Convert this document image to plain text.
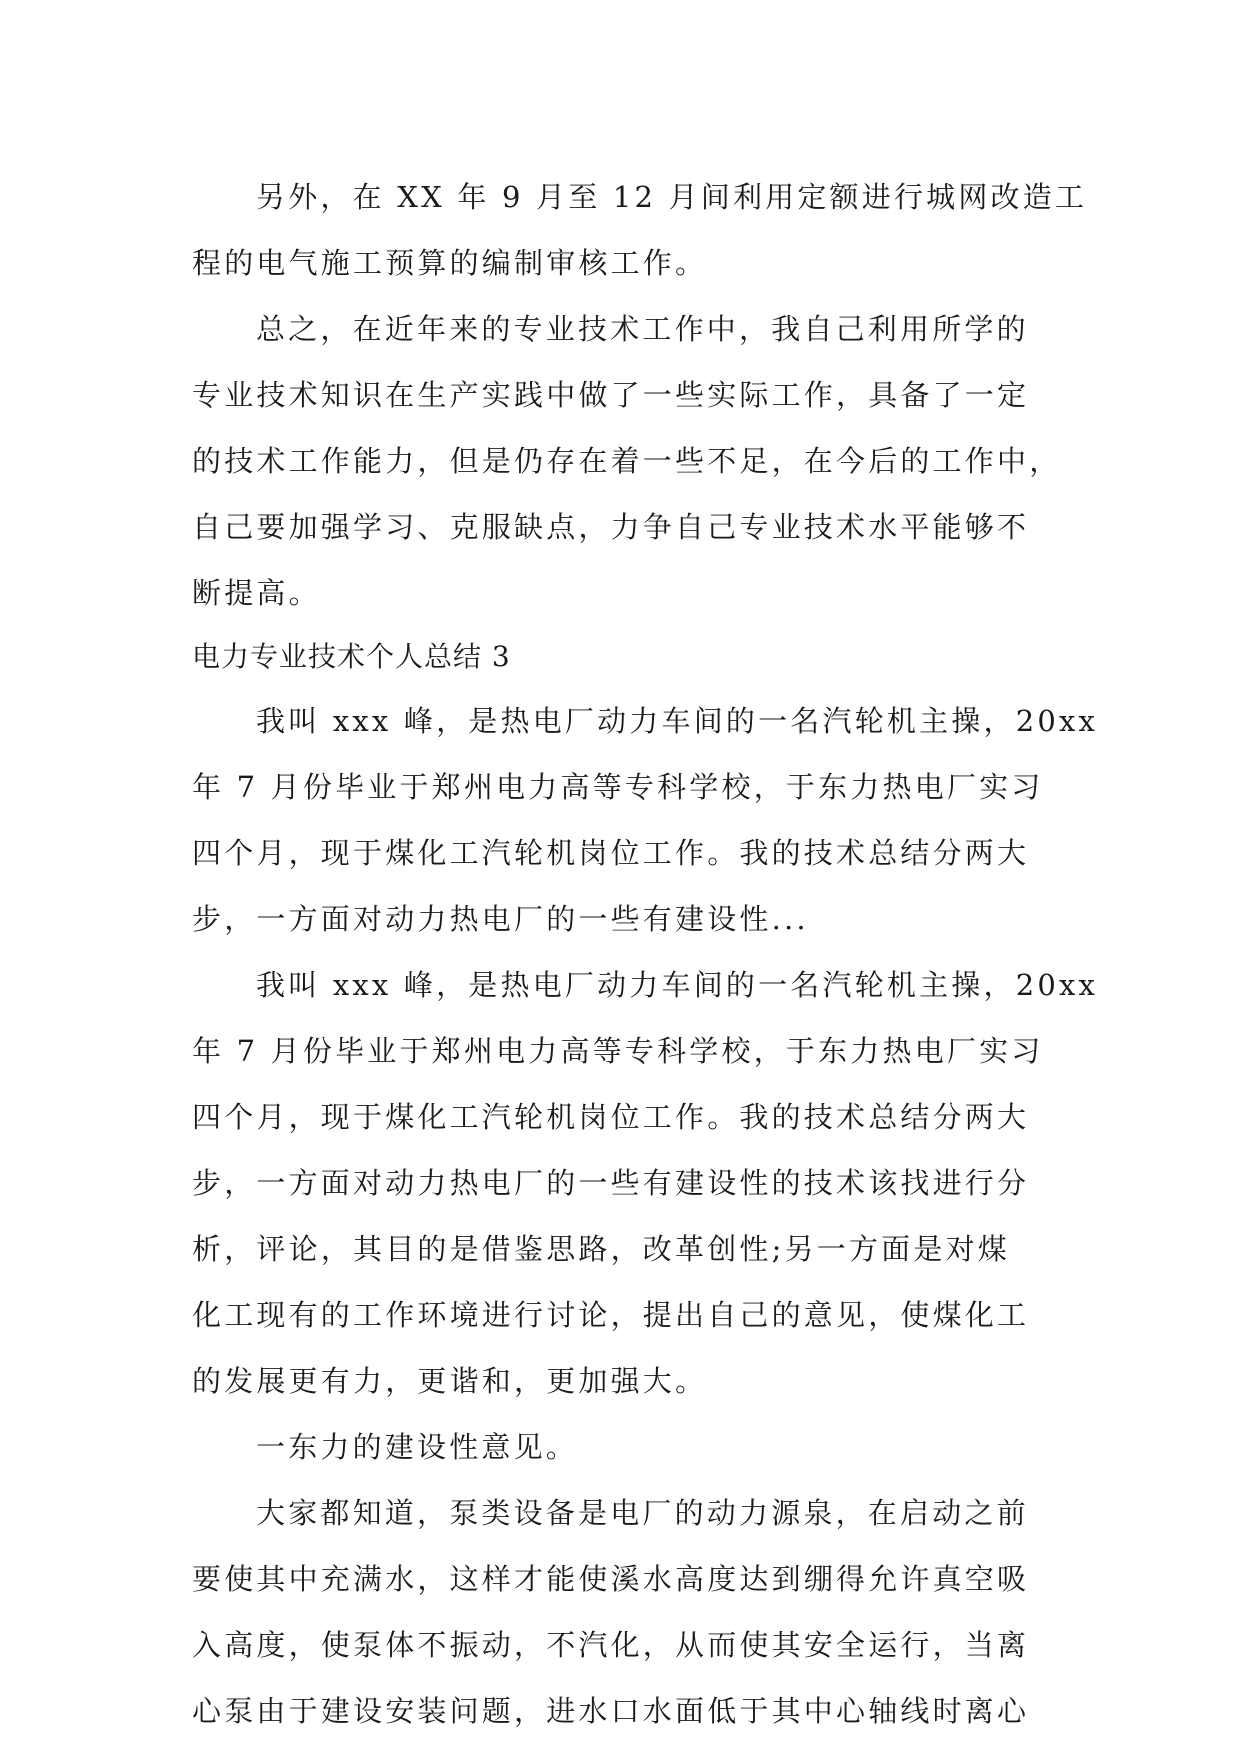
另外，在 XX 年 9 月至 12 月间利用定额进行城网改造工
程的电气施工预算的编制审核工作。
总之，在近年来的专业技术工作中，我自己利用所学的
专业技术知识在生产实践中做了一些实际工作，具备了一定
的技术工作能力，但是仍存在着一些不足，在今后的工作中，
自己要加强学习、克服缺点，力争自己专业技术水平能够不
断提高。
电力专业技术个人总结 3
我叫 xxx 峰，是热电厂动力车间的一名汽轮机主操，20xx
年 7 月份毕业于郑州电力高等专科学校，于东力热电厂实习
四个月，现于煤化工汽轮机岗位工作。我的技术总结分两大
步，一方面对动力热电厂的一些有建设性...
我叫 xxx 峰，是热电厂动力车间的一名汽轮机主操，20xx
年 7 月份毕业于郑州电力高等专科学校，于东力热电厂实习
四个月，现于煤化工汽轮机岗位工作。我的技术总结分两大
步，一方面对动力热电厂的一些有建设性的技术该找进行分
析，评论，其目的是借鉴思路，改革创性;另一方面是对煤
化工现有的工作环境进行讨论，提出自己的意见，使煤化工
的发展更有力，更谐和，更加强大。
一东力的建设性意见。
大家都知道，泵类设备是电厂的动力源泉，在启动之前
要使其中充满水，这样才能使溪水高度达到绷得允许真空吸
入高度，使泵体不振动，不汽化，从而使其安全运行，当离
心泵由于建设安装问题，进水口水面低于其中心轴线时离心
